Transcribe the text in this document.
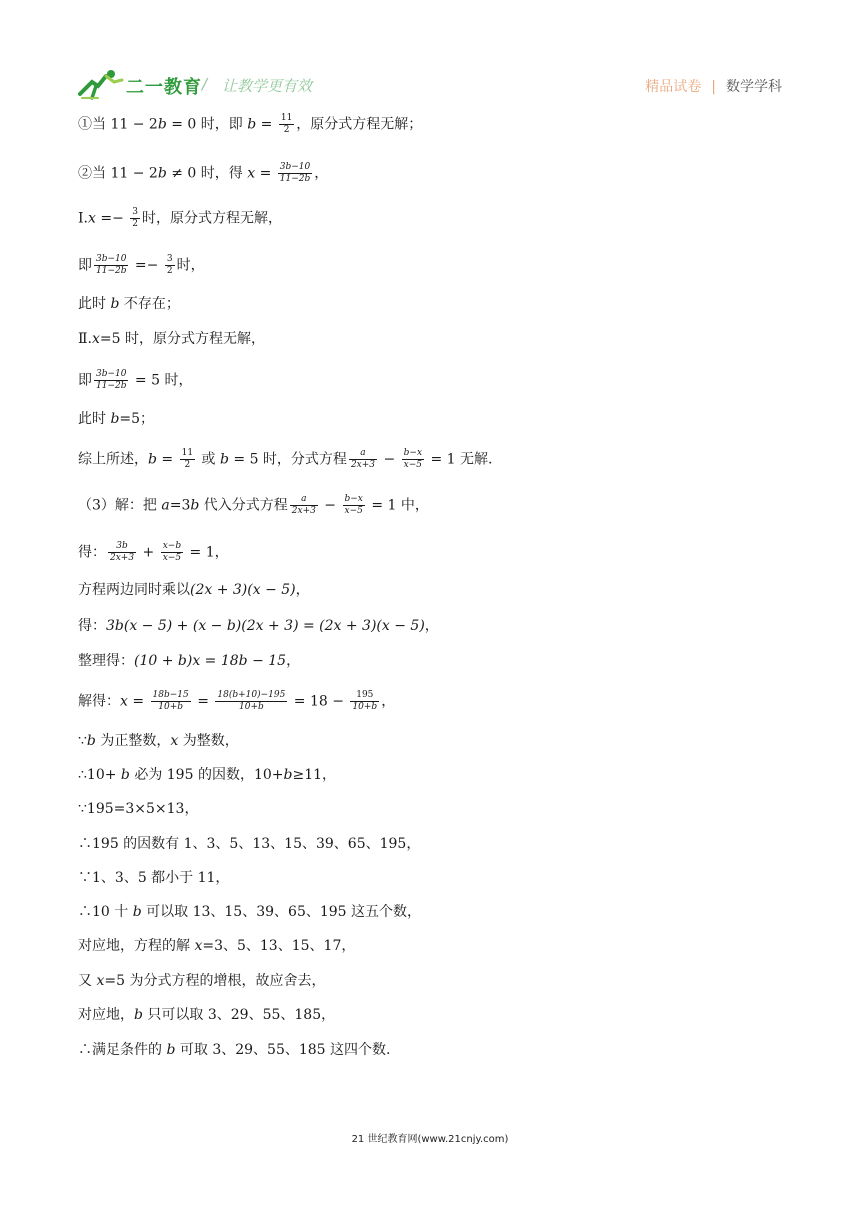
二一教育 / 让教学更有效	精品试卷 | 数学学科
①当 11 − 2b = 0 时，即 $b = \frac{11}{2}$ ，原分式方程无解；
②当 11 − 2b ≠ 0 时，得 $x = \frac{3b-10}{11-2b}$ ，
Ⅰ.x =− $\frac{3}{2}$ 时，原分式方程无解，
即 $\frac{3b-10}{11-2b} =- \frac{3}{2}$ 时，
此时 b 不存在；
Ⅱ.x=5 时，原分式方程无解，
即 $\frac{3b-10}{11-2b} = 5$ 时，
此时 b=5；
综上所述，$b = \frac{11}{2}$ 或 b = 5 时，分式方程 $\frac{a}{2x+3} - \frac{b-x}{x-5} = 1$ 无解.
（3）解：把 a=3b 代入分式方程 $\frac{a}{2x+3} - \frac{b-x}{x-5} = 1$ 中，
得： $\frac{3b}{2x+3} + \frac{x-b}{x-5} = 1$，
方程两边同时乘以(2x + 3)(x − 5)，
得：3b(x − 5) + (x − b)(2x + 3) = (2x + 3)(x − 5)，
整理得：(10 + b)x = 18b − 15，
解得：$x = \frac{18b-15}{10+b} = \frac{18(b+10)-195}{10+b} = 18 - \frac{195}{10+b}$ ，
∵b 为正整数，x 为整数，
∴10+ b 必为 195 的因数，10+b≥11，
∵195=3×5×13，
∴195 的因数有 1、3、5、13、15、39、65、195，
∵1、3、5 都小于 11，
∴10 十 b 可以取 13、15、39、65、195 这五个数，
对应地，方程的解 x=3、5、13、15、17，
又 x=5 为分式方程的增根，故应舍去，
对应地，b 只可以取 3、29、55、185，
∴满足条件的 b 可取 3、29、55、185 这四个数.
21 世纪教育网(www.21cnjy.com)
